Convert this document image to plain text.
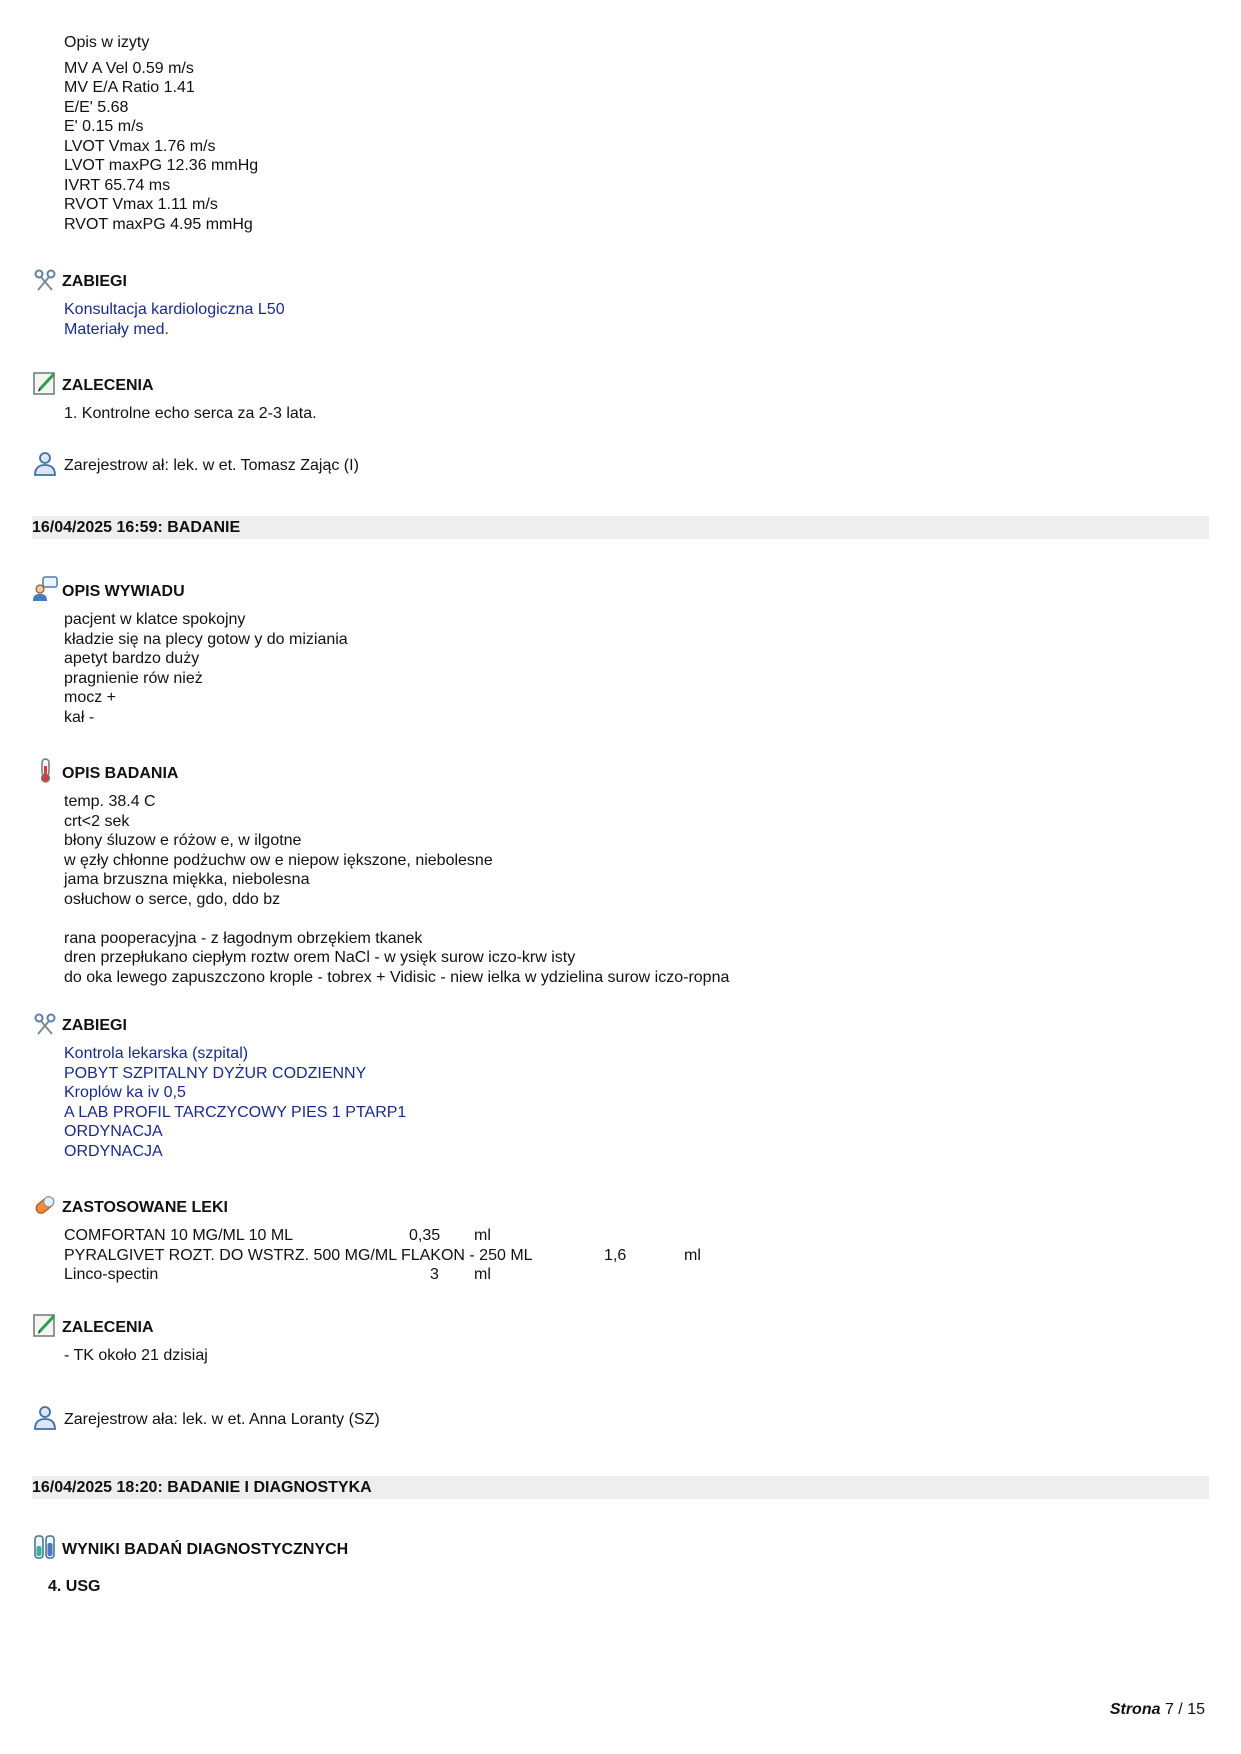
Opis w izyty
MV A Vel 0.59 m/s
MV E/A Ratio 1.41
E/E' 5.68
E' 0.15 m/s
LVOT Vmax 1.76 m/s
LVOT maxPG 12.36 mmHg
IVRT 65.74 ms
RVOT Vmax 1.11 m/s
RVOT maxPG 4.95 mmHg
ZABIEGI
Konsultacja kardiologiczna L50
Materiały med.
ZALECENIA
1. Kontrolne echo serca za 2-3 lata.
Zarejestrow ał: lek. w et. Tomasz Zając (I)
16/04/2025 16:59: BADANIE
OPIS WYWIADU
pacjent w klatce spokojny
kładzie się na plecy gotow y do miziania
apetyt bardzo duży
pragnienie rów nież
mocz +
kał -
OPIS BADANIA
temp. 38.4 C
crt<2 sek
błony śluzow e różow e, w ilgotne
w ęzły chłonne podżuchw ow e niepow iększone, niebolesne
jama brzuszna miękka, niebolesna
osłuchow o serce, gdo, ddo bz

rana pooperacyjna - z łagodnym obrzękiem tkanek
dren przepłukano ciepłym roztw orem NaCl - w ysięk surow iczo-krw isty
do oka lewego zapuszczono krople - tobrex + Vidisic - niew ielka w ydzielina surow iczo-ropna
ZABIEGI
Kontrola lekarska (szpital)
POBYT SZPITALNY DYŻUR CODZIENNY
Kroplów ka iv 0,5
A LAB PROFIL TARCZYCOWY PIES 1 PTARP1
ORDYNACJA
ORDYNACJA
ZASTOSOWANE LEKI
COMFORTAN 10 MG/ML 10 ML	0,35	ml
PYRALGIVET ROZT. DO WSTRZ. 500 MG/ML FLAKON - 250 ML	1,6	ml
Linco-spectin	3	ml
ZALECENIA
- TK około 21 dzisiaj
Zarejestrow ała: lek. w et. Anna Loranty (SZ)
16/04/2025 18:20: BADANIE I DIAGNOSTYKA
WYNIKI BADAŃ DIAGNOSTYCZNYCH
4. USG
Strona 7 / 15
